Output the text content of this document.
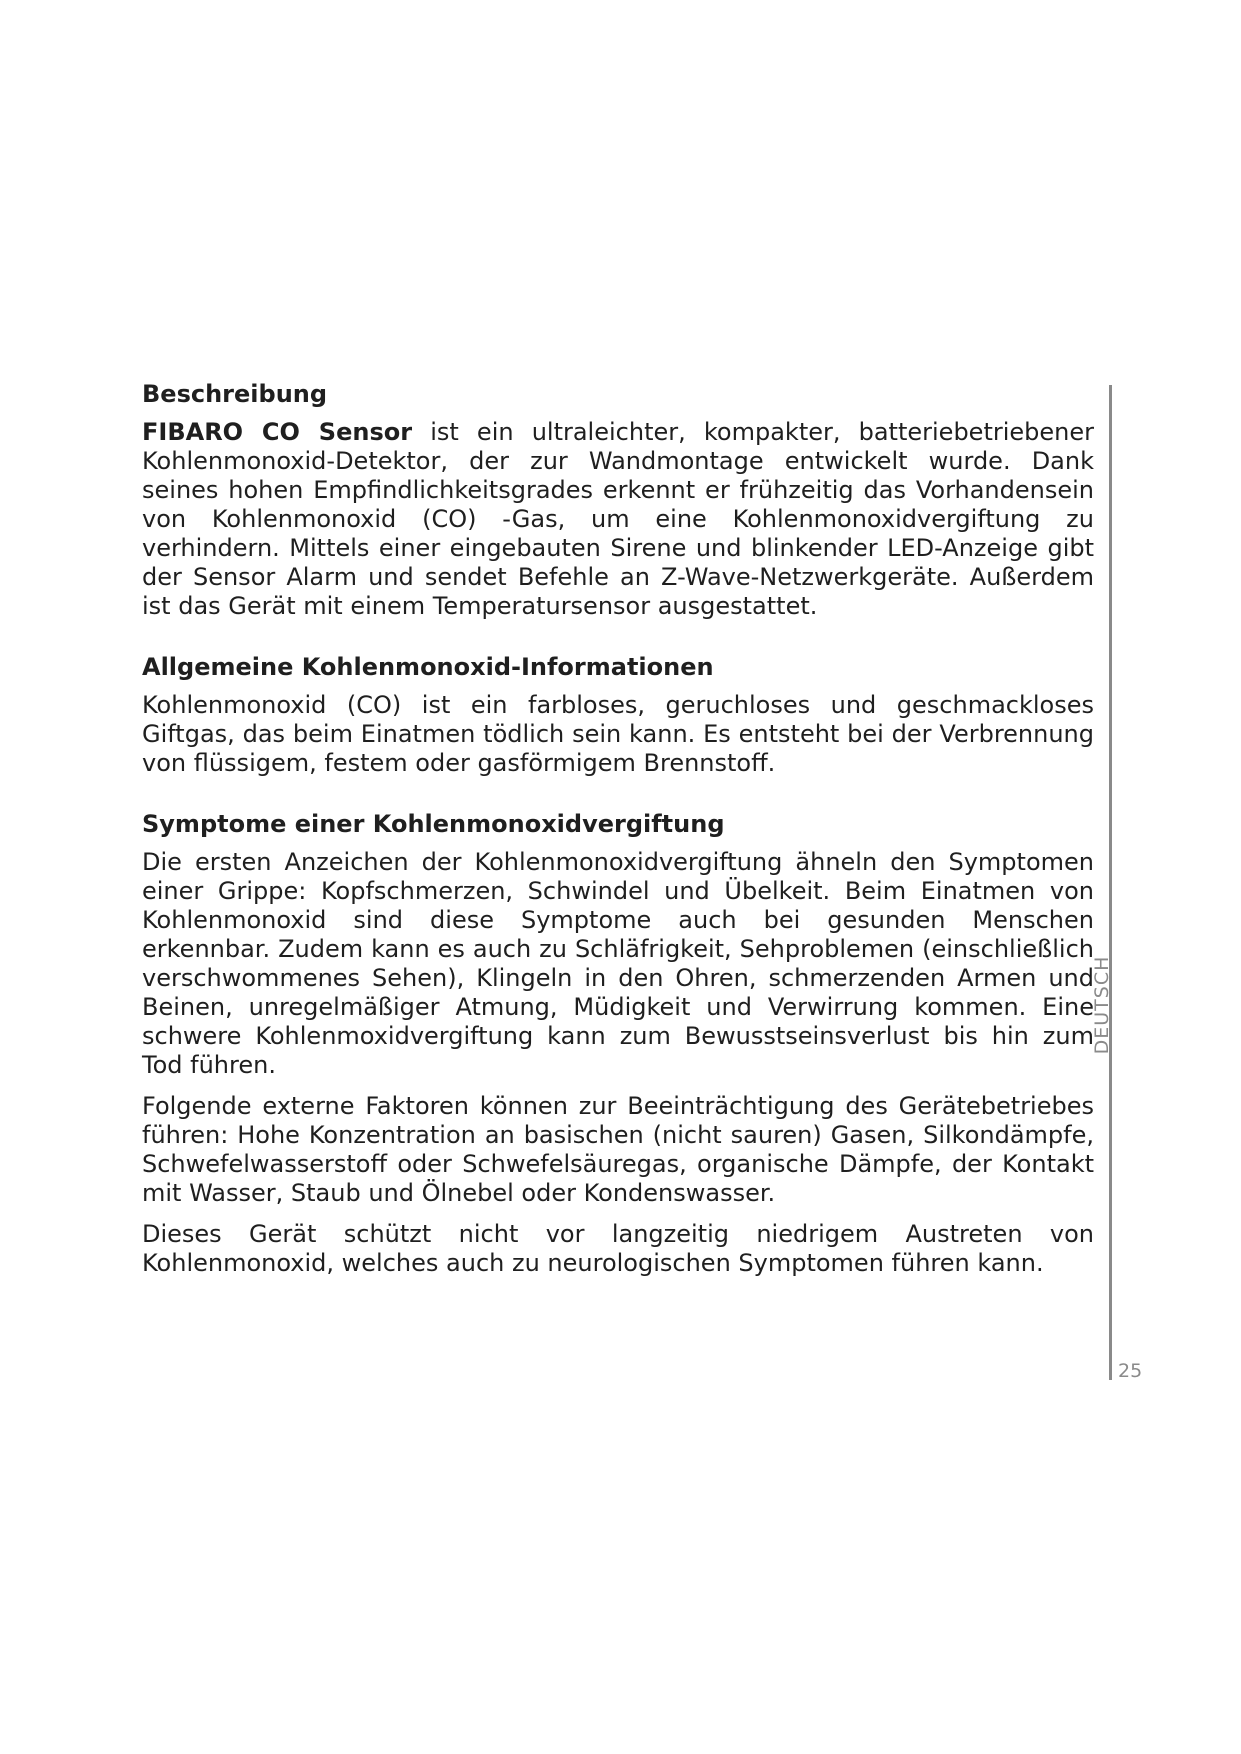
Beschreibung

FIBARO CO Sensor ist ein ultraleichter, kompakter, batteriebetriebener Kohlenmonoxid-Detektor, der zur Wandmontage entwickelt wurde. Dank seines hohen Empfindlichkeitsgrades erkennt er frühzeitig das Vorhandensein von Kohlenmonoxid (CO) -Gas, um eine Kohlenmonoxidvergiftung zu verhindern. Mittels einer eingebauten Sirene und blinkender LED-Anzeige gibt der Sensor Alarm und sendet Befehle an Z-Wave-Netzwerkgeräte. Außerdem ist das Gerät mit einem Temperatursensor ausgestattet.

Allgemeine Kohlenmonoxid-Informationen

Kohlenmonoxid (CO) ist ein farbloses, geruchloses und geschmackloses Giftgas, das beim Einatmen tödlich sein kann. Es entsteht bei der Verbrennung von flüssigem, festem oder gasförmigem Brennstoff.

Symptome einer Kohlenmonoxidvergiftung

Die ersten Anzeichen der Kohlenmonoxidvergiftung ähneln den Symptomen einer Grippe: Kopfschmerzen, Schwindel und Übelkeit. Beim Einatmen von Kohlenmonoxid sind diese Symptome auch bei gesunden Menschen erkennbar. Zudem kann es auch zu Schläfrigkeit, Sehproblemen (einschließlich verschwommenes Sehen), Klingeln in den Ohren, schmerzenden Armen und Beinen, unregelmäßiger Atmung, Müdigkeit und Verwirrung kommen. Eine schwere Kohlenmoxidvergiftung kann zum Bewusstseinsverlust bis hin zum Tod führen.

Folgende externe Faktoren können zur Beeinträchtigung des Gerätebetriebes führen: Hohe Konzentration an basischen (nicht sauren) Gasen, Silkondämpfe, Schwefelwasserstoff oder Schwefelsäuregas, organische Dämpfe, der Kontakt mit Wasser, Staub und Ölnebel oder Kondenswasser.

Dieses Gerät schützt nicht vor langzeitig niedrigem Austreten von Kohlenmonoxid, welches auch zu neurologischen Symptomen führen kann.

DEUTSCH
25
